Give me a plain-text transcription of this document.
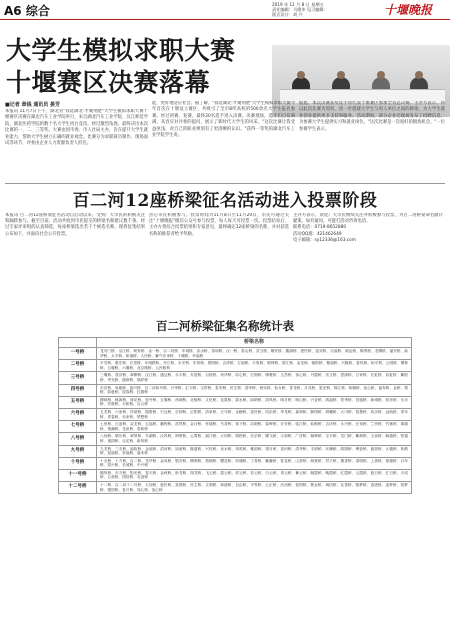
A6 综合	2019 年 11 月 8 日 星期五
责任编辑：马俊华 见习编辑：
版式设计：胡 兴	十堰晚报
大学生模拟求职大赛
十堰赛区决赛落幕
■记者 章钱 通讯员 晏芳
本报讯 11月7日下午，湖北省"我选湖北·才聚荆楚"大学生模拟求职大赛十堰赛区决赛在湖北汽车工业学院举行，来自湖北汽车工业学院、汉江师范学院、湖北医药学院的数十名大学生同台竞技，经过激烈角逐，最终决出本次比赛的一、二、三等奖。大赛由团市委、市人社局主办，旨在提升大学生就业能力，帮助大学生树立正确的就业观念。比赛分为求职简历制作、现场面试等环节，评委由企业人力资源负责人担任。
能，更好地适应社会。据了解，"我选湖北·才聚荆楚"大学生模拟求职大赛今年首次在十堰设立赛区，共吸引了全市8所高校的500余名大学生报名参赛。经过初赛、复赛，最终20名选手进入决赛。决赛现场，选手们自信满满，从容应对评委的提问，展示了新时代大学生的风采。"这次比赛让我受益匪浅，对自己的职业规划有了更清晰的认识。"获得一等奖的湖北汽车工业学院学生说。
据悉，本次决赛获奖选手将代表十堰赛区参加全省总决赛。主办方表示，将以此次比赛为契机，进一步搭建大学生与用人单位之间的桥梁，为大学生就业创业提供更多支持和服务。活动期间，部分企业还现场发布了招聘信息，为参赛大学生提供实习和就业岗位。"这次比赛是一次很好的锻炼机会。"一位参赛学生表示。
百二河12座桥梁征名活动进入投票阶段
本报讯 百二河12座桥梁征名活动自启动以来，受到广大市民的积极关注和踊跃参与。截至目前，活动共收到市民提交的桥梁名称建议数千条。经过专家评审组的认真筛选，每座桥梁选出若干个候选名称，现将征集结果公布如下，并面向社会公开投票。
热心市民积极参与。投票时间为11月8日至11月20日，市民可通过关注"十堰晚报"微信公众号参与投票，每人每天可投票一次。投票结束后，主办方将综合投票结果和专家意见，最终确定12座桥梁的名称，并对获选名称的推荐者给予奖励。
主办方表示，欢迎广大市民继续关注并积极参与投票，为百二河桥梁命名献计献策。如有疑问，可拨打活动咨询电话。
联系电话：0719-8652880
活动QQ群：421462649
电子邮箱：sy12336@163.com
百二河桥梁征集名称统计表
	桥梁名称
一号桥	龙舟门桥、沿江桥、柯家桥、金一桥、百二河桥、车城桥、亲水桥、泰和桥、汉一桥、泰山桥、武当桥、顺安桥、鑫源桥、惠民桥、迎宾桥、百福桥、鸿运桥、锦绣桥、龙腾桥、福安桥、新华桥、太平桥、和谐桥、人民桥、紫气东来桥、十堰桥、幸福桥
二号桥	平安桥、康庄桥、长青桥、车城路桥、丹江桥、永安桥、东风桥、郧阳桥、吉祥桥、万福桥、丰收桥、明珠桥、望江桥、金龙桥、朝阳桥、聚福桥、兴隆桥、春风桥、和平桥、公园桥、柳林桥、五堰桥、六堰桥、北京路桥、人民路桥
三号桥	三堰桥、普济桥、翠柳桥、汉江桥、通达桥、永丰桥、安居桥、百姓桥、荣华桥、同心桥、宏图桥、博雅桥、文昌桥、怡心桥、丹霞桥、崇文桥、思源桥、万家桥、长虹桥、彩虹桥、紫阳桥、华光桥、德润桥、瑞祥桥
四号桥	东岳桥、凤凰桥、振兴桥、百二河四号桥、兴华桥、汇丰桥、玉带桥、泰安桥、民生桥、春华桥、秋实桥、仙女桥、青龙桥、月亮桥、星光桥、锦江桥、和顺桥、连心桥、福寿桥、金桥、银桥、如意桥、迎春桥、红旗桥
五号桥	柳林桥、桃源桥、荷花桥、牡丹桥、五堰桥、西城桥、北街桥、文化桥、花果桥、碧水桥、绿荫桥、清风桥、明月桥、映山桥、兴业桥、鸿福桥、景秀桥、昌盛桥、新城桥、知音桥、永乐桥、安康桥、天和桥、百合桥
六号桥	五龙桥、六里桥、祥瑞桥、德胜桥、宏达桥、乐园桥、正阳桥、清泉桥、天马桥、金穗桥、富民桥、同乐桥、华龙桥、嘉和桥、静园桥、晨曦桥、大川桥、智慧桥、欢乐桥、远航桥、青年桥、青春桥、未来桥、梦想桥
七号桥	七里桥、白浪桥、双龙桥、五福桥、鹏程桥、浩然桥、金沙桥、怀德桥、书香桥、育才桥、启明桥、春晖桥、长安桥、临江桥、仙鹤桥、吉庆桥、永兴桥、长寿桥、兰亭桥、竹林桥、翠湖桥、观澜桥、龙泉桥、泰和桥
八号桥	八仙桥、晴川桥、翠屏桥、东湖桥、汉风桥、荆楚桥、云霄桥、丽江桥、大同桥、锦程桥、长乐桥、腾飞桥、太和桥、广济桥、朝晖桥、宝丰桥、龙门桥、紫荆桥、玉泉桥、畅通桥、恒通桥、逸园桥、百花桥、新风桥
九号桥	九龙桥、三友桥、福临桥、金福桥、清河桥、如意桥、隆盛桥、兴旺桥、圣水桥、凤鸣桥、雅韵桥、望月桥、星河桥、清华桥、丰源桥、安澜桥、鸿图桥、博爱桥、盛世桥、太极桥、松鹤桥、迎福桥、祈福桥、嘉禾桥
十号桥	十全桥、十方桥、百二桥、龙华桥、金凤桥、银杏桥、柳荫桥、梧桐桥、樱花桥、玫瑰桥、丁香桥、紫藤桥、桂花桥、山茶桥、海棠桥、君子桥、墨香桥、清明桥、上善桥、厚德桥、百年桥、泰兴桥、长城桥、中兴桥
十一号桥	顺风桥、东方桥、阳光桥、春天桥、金秋桥、卧龙桥、翔龙桥、飞云桥、碧云桥、祥云桥、彩云桥、白云桥、青云桥、紫云桥、朝霞桥、晚霞桥、红霞桥、云霞桥、旭日桥、红日桥、天成桥、合欢桥、团结桥、友谊桥
十二号桥	十二桥、百二河十二号桥、大同桥、惠民桥、富强桥、民主桥、文明桥、和谐桥、自由桥、平等桥、公正桥、法治桥、爱国桥、敬业桥、诚信桥、友善桥、圆梦桥、奋进桥、追梦桥、筑梦桥、强国桥、复兴桥、同心桥、连心桥
